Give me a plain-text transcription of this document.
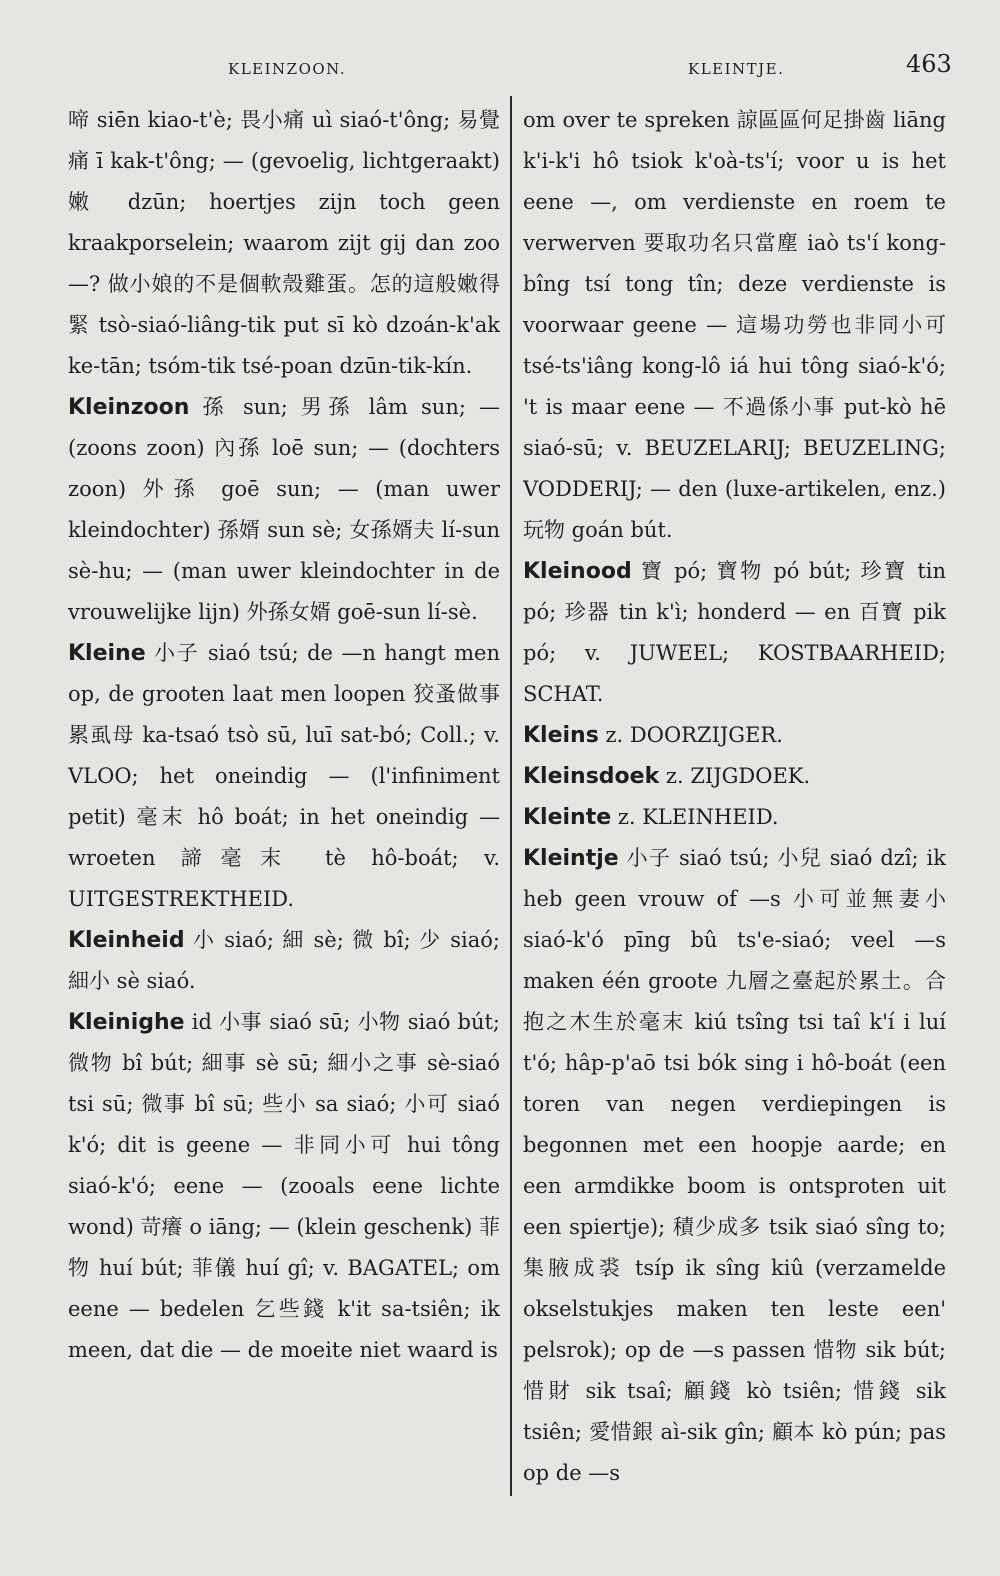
KLEINZOON.	KLEINTJE.	463

啼 siēn kiao-t'è; 畏小痛 uì siaó-t'ông; 易覺痛 ī kak-t'ông; — (gevoelig, lichtgeraakt) 嫩 dzūn; hoertjes zijn toch geen kraakporselein; waarom zijt gij dan zoo —? 做小娘的不是個軟殼雞蛋。怎的這般嫩得緊 tsò-siaó-liâng-tik put sī kò dzoán-k'ak ke-tān; tsóm-tik tsé-poan dzūn-tik-kín.

Kleinzoon 孫 sun; 男孫 lâm sun; — (zoons zoon) 內孫 loē sun; — (dochters zoon) 外孫 goē sun; — (man uwer kleindochter) 孫婿 sun sè; 女孫婿夫 lí-sun sè-hu; — (man uwer kleindochter in de vrouwelijke lijn) 外孫女婿 goē-sun lí-sè.

Kleine 小子 siaó tsú; de —n hangt men op, de grooten laat men loopen 狡蚤做事累虱母 ka-tsaó tsò sū, luī sat-bó; Coll.; v. VLOO; het oneindig — (l'infiniment petit) 毫末 hô boát; in het oneindig — wroeten 諦毫末 tè hô-boát; v. UITGESTREKTHEID.

Kleinheid 小 siaó; 細 sè; 微 bî; 少 siaó; 細小 sè siaó.

Kleinighe id 小事 siaó sū; 小物 siaó bút; 微物 bî bút; 細事 sè sū; 細小之事 sè-siaó tsi sū; 微事 bî sū; 些小 sa siaó; 小可 siaó k'ó; dit is geene — 非同小可 hui tông siaó-k'ó; eene — (zooals eene lichte wond) 苛癢 o iāng; — (klein geschenk) 菲物 huí bút; 菲儀 huí gî; v. BAGATEL; om eene — bedelen 乞些錢 k'it sa-tsiên; ik meen, dat die — de moeite niet waard is

om over te spreken 諒區區何足掛齒 liāng k'i-k'i hô tsiok k'oà-ts'í; voor u is het eene —, om verdienste en roem te verwerven 要取功名只當塵 iaò ts'í kong-bîng tsí tong tîn; deze verdienste is voorwaar geene — 這場功勞也非同小可 tsé-ts'iâng kong-lô iá hui tông siaó-k'ó; 't is maar eene — 不過係小事 put-kò hē siaó-sū; v. BEUZELARIJ; BEUZELING; VODDERIJ; — den (luxe-artikelen, enz.) 玩物 goán bút.

Kleinood 寶 pó; 寶物 pó bút; 珍寶 tin pó; 珍器 tin k'ì; honderd — en 百寶 pik pó; v. JUWEEL; KOSTBAARHEID; SCHAT.

Kleins z. DOORZIJGER.

Kleinsdoek z. ZIJGDOEK.

Kleinte z. KLEINHEID.

Kleintje 小子 siaó tsú; 小兒 siaó dzî; ik heb geen vrouw of —s 小可並無妻小 siaó-k'ó pīng bû ts'e-siaó; veel —s maken één groote 九層之臺起於累土。合抱之木生於毫末 kiú tsîng tsi taî k'í i luí t'ó; hâp-p'aō tsi bók sing i hô-boát (een toren van negen verdiepingen is begonnen met een hoopje aarde; en een armdikke boom is ontsproten uit een spiertje); 積少成多 tsik siaó sîng to; 集腋成裘 tsíp ik sîng kiû (verzamelde okselstukjes maken ten leste een' pelsrok); op de —s passen 惜物 sik bút; 惜財 sik tsaî; 顧錢 kò tsiên; 惜錢 sik tsiên; 愛惜銀 aì-sik gîn; 顧本 kò pún; pas op de —s
